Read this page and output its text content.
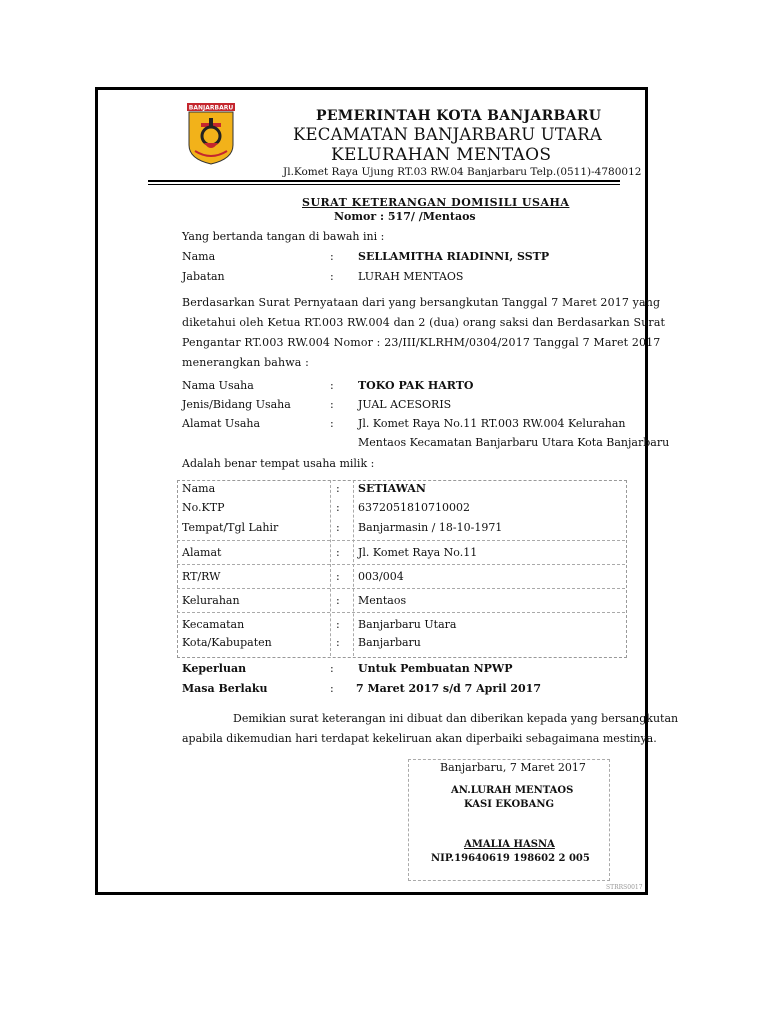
BANJARBARU	PEMERINTAH KOTA BANJARBARU
KECAMATAN BANJARBARU UTARA
KELURAHAN MENTAOS
Jl.Komet Raya Ujung RT.03 RW.04 Banjarbaru Telp.(0511)-4780012
SURAT KETERANGAN DOMISILI USAHA
Nomor : 517/ /Mentaos
Yang bertanda tangan di bawah ini :
Nama	: SELLAMITHA RIADINNI, SSTP
Jabatan	: LURAH MENTAOS
Berdasarkan Surat Pernyataan dari yang bersangkutan Tanggal 7 Maret 2017 yang
diketahui oleh Ketua RT.003 RW.004 dan 2 (dua) orang saksi dan Berdasarkan Surat
Pengantar RT.003 RW.004 Nomor : 23/III/KLRHM/0304/2017 Tanggal 7 Maret 2017
menerangkan bahwa :
Nama Usaha	: TOKO PAK HARTO
Jenis/Bidang Usaha	: JUAL ACESORIS
Alamat Usaha	: Jl. Komet Raya No.11 RT.003 RW.004 Kelurahan
Mentaos Kecamatan Banjarbaru Utara Kota Banjarbaru
Adalah benar tempat usaha milik :
Nama	: SETIAWAN
No.KTP	: 6372051810710002
Tempat/Tgl Lahir	: Banjarmasin / 18-10-1971
Alamat	: Jl. Komet Raya No.11
RT/RW	: 003/004
Kelurahan	: Mentaos
Kecamatan	: Banjarbaru Utara
Kota/Kabupaten	: Banjarbaru
Keperluan	: Untuk Pembuatan NPWP
Masa Berlaku	: 7 Maret 2017 s/d 7 April 2017
Demikian surat keterangan ini dibuat dan diberikan kepada yang bersangkutan
apabila dikemudian hari terdapat kekeliruan akan diperbaiki sebagaimana mestinya.
Banjarbaru, 7 Maret 2017
AN.LURAH MENTAOS
KASI EKOBANG
AMALIA HASNA
NIP.19640619 198602 2 005
STRRS0017
